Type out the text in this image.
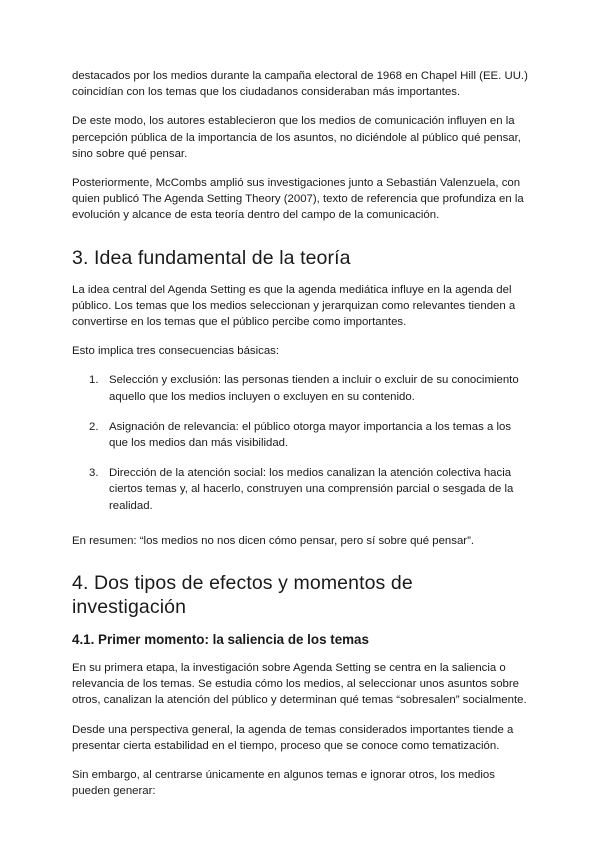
destacados por los medios durante la campaña electoral de 1968 en Chapel Hill (EE. UU.) coincidían con los temas que los ciudadanos consideraban más importantes.

De este modo, los autores establecieron que los medios de comunicación influyen en la percepción pública de la importancia de los asuntos, no diciéndole al público qué pensar, sino sobre qué pensar.

Posteriormente, McCombs amplió sus investigaciones junto a Sebastián Valenzuela, con quien publicó The Agenda Setting Theory (2007), texto de referencia que profundiza en la evolución y alcance de esta teoría dentro del campo de la comunicación.

3. Idea fundamental de la teoría

La idea central del Agenda Setting es que la agenda mediática influye en la agenda del público. Los temas que los medios seleccionan y jerarquizan como relevantes tienden a convertirse en los temas que el público percibe como importantes.

Esto implica tres consecuencias básicas:

1. Selección y exclusión: las personas tienden a incluir o excluir de su conocimiento aquello que los medios incluyen o excluyen en su contenido.
2. Asignación de relevancia: el público otorga mayor importancia a los temas a los que los medios dan más visibilidad.
3. Dirección de la atención social: los medios canalizan la atención colectiva hacia ciertos temas y, al hacerlo, construyen una comprensión parcial o sesgada de la realidad.

En resumen: “los medios no nos dicen cómo pensar, pero sí sobre qué pensar”.

4. Dos tipos de efectos y momentos de investigación
4.1. Primer momento: la saliencia de los temas

En su primera etapa, la investigación sobre Agenda Setting se centra en la saliencia o relevancia de los temas. Se estudia cómo los medios, al seleccionar unos asuntos sobre otros, canalizan la atención del público y determinan qué temas “sobresalen” socialmente.

Desde una perspectiva general, la agenda de temas considerados importantes tiende a presentar cierta estabilidad en el tiempo, proceso que se conoce como tematización.

Sin embargo, al centrarse únicamente en algunos temas e ignorar otros, los medios pueden generar:
